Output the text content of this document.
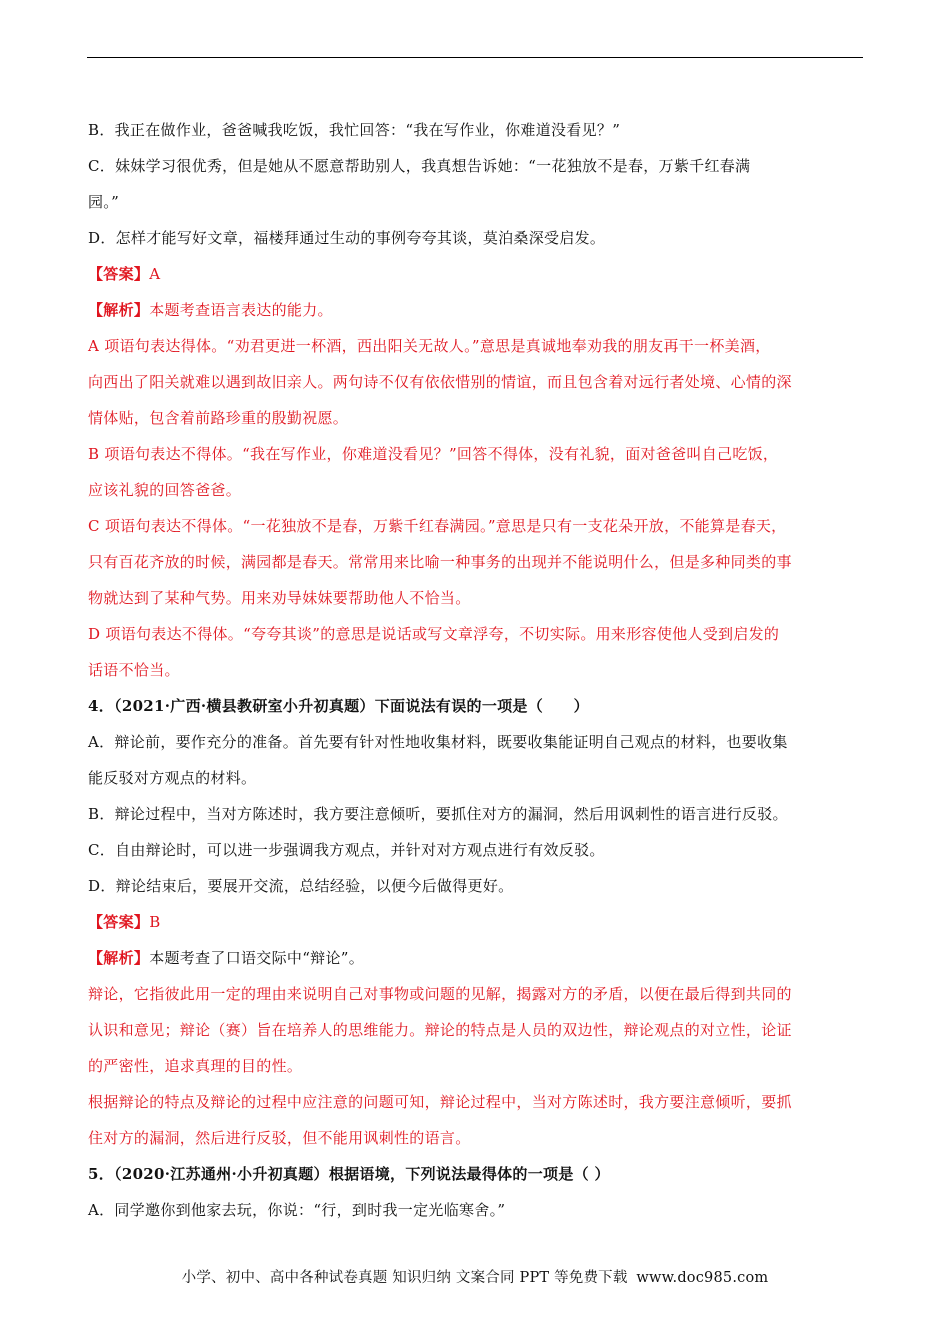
B．我正在做作业，爸爸喊我吃饭，我忙回答：“我在写作业，你难道没看见？”
C．妹妹学习很优秀，但是她从不愿意帮助别人，我真想告诉她：“一花独放不是春，万紫千红春满
园。”
D．怎样才能写好文章，福楼拜通过生动的事例夸夸其谈，莫泊桑深受启发。
【答案】A
【解析】本题考查语言表达的能力。
A 项语句表达得体。“劝君更进一杯酒，西出阳关无故人。”意思是真诚地奉劝我的朋友再干一杯美酒，
向西出了阳关就难以遇到故旧亲人。两句诗不仅有依依惜别的情谊，而且包含着对远行者处境、心情的深
情体贴，包含着前路珍重的殷勤祝愿。
B 项语句表达不得体。“我在写作业，你难道没看见？”回答不得体，没有礼貌，面对爸爸叫自己吃饭，
应该礼貌的回答爸爸。
C 项语句表达不得体。“一花独放不是春，万紫千红春满园。”意思是只有一支花朵开放，不能算是春天，
只有百花齐放的时候，满园都是春天。常常用来比喻一种事务的出现并不能说明什么，但是多种同类的事
物就达到了某种气势。用来劝导妹妹要帮助他人不恰当。
D 项语句表达不得体。“夸夸其谈”的意思是说话或写文章浮夸，不切实际。用来形容使他人受到启发的
话语不恰当。
4．（2021·广西·横县教研室小升初真题）下面说法有误的一项是（　　）
A．辩论前，要作充分的准备。首先要有针对性地收集材料，既要收集能证明自己观点的材料，也要收集
能反驳对方观点的材料。
B．辩论过程中，当对方陈述时，我方要注意倾听，要抓住对方的漏洞，然后用讽刺性的语言进行反驳。
C．自由辩论时，可以进一步强调我方观点，并针对对方观点进行有效反驳。
D．辩论结束后，要展开交流，总结经验，以便今后做得更好。
【答案】B
【解析】本题考查了口语交际中“辩论”。
辩论，它指彼此用一定的理由来说明自己对事物或问题的见解，揭露对方的矛盾，以便在最后得到共同的
认识和意见；辩论（赛）旨在培养人的思维能力。辩论的特点是人员的双边性，辩论观点的对立性，论证
的严密性，追求真理的目的性。
根据辩论的特点及辩论的过程中应注意的问题可知，辩论过程中，当对方陈述时，我方要注意倾听，要抓
住对方的漏洞，然后进行反驳，但不能用讽刺性的语言。
5．（2020·江苏通州·小升初真题）根据语境，下列说法最得体的一项是（ ）
A．同学邀你到他家去玩，你说：“行，到时我一定光临寒舍。”
小学、初中、高中各种试卷真题 知识归纳 文案合同 PPT 等免费下载 www.doc985.com
